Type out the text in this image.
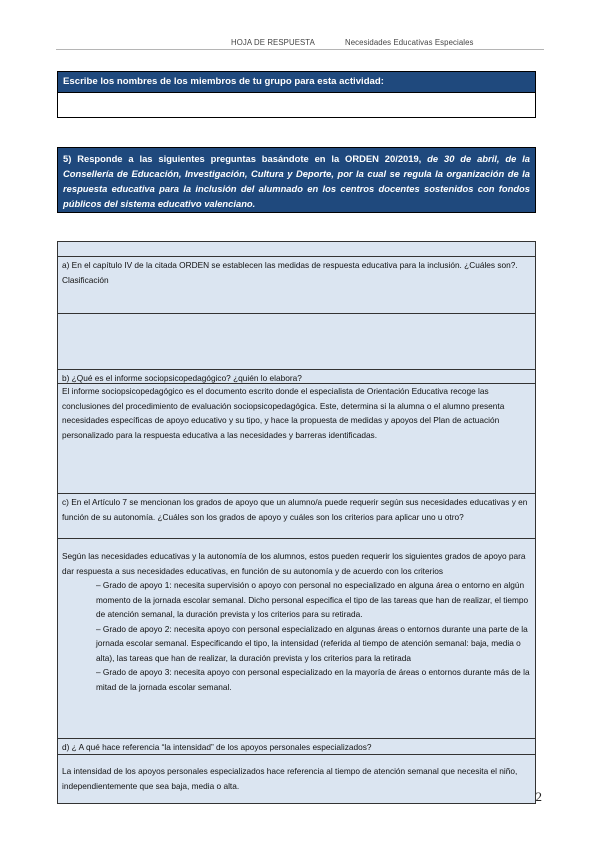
HOJA DE RESPUESTA	Necesidades Educativas Especiales
Escribe los nombres de los miembros de tu grupo para esta actividad:
5) Responde a las siguientes preguntas basándote en la ORDEN 20/2019, de 30 de abril, de la Consellería de Educación, Investigación, Cultura y Deporte, por la cual se regula la organización de la respuesta educativa para la inclusión del alumnado en los centros docentes sostenidos con fondos públicos del sistema educativo valenciano.
a) En el capítulo IV de la citada ORDEN se establecen las medidas de respuesta educativa para la inclusión. ¿Cuáles son?. Clasificación
b) ¿Qué es el informe sociopsicopedagógico? ¿quién lo elabora?
El informe sociopsicopedagógico es el documento escrito donde el especialista de Orientación Educativa recoge las conclusiones del procedimiento de evaluación sociopsicopedagógica. Este, determina si la alumna o el alumno presenta necesidades específicas de apoyo educativo y su tipo, y hace la propuesta de medidas y apoyos del Plan de actuación personalizado para la respuesta educativa a las necesidades y barreras identificadas.
c) En el Artículo 7 se mencionan los grados de apoyo que un alumno/a puede requerir según sus necesidades educativas y en función de su autonomía. ¿Cuáles son los grados de apoyo y cuáles son los criterios para aplicar uno u otro?
Según las necesidades educativas y la autonomía de los alumnos, estos pueden requerir los siguientes grados de apoyo para dar respuesta a sus necesidades educativas, en función de su autonomía y de acuerdo con los criterios
– Grado de apoyo 1: necesita supervisión o apoyo con personal no especializado en alguna área o entorno en algún momento de la jornada escolar semanal. Dicho personal especifica el tipo de las tareas que han de realizar, el tiempo de atención semanal, la duración prevista y los criterios para su retirada.
– Grado de apoyo 2: necesita apoyo con personal especializado en algunas áreas o entornos durante una parte de la jornada escolar semanal. Especificando el tipo, la intensidad (referida al tiempo de atención semanal: baja, media o alta), las tareas que han de realizar, la duración prevista y los criterios para la retirada
– Grado de apoyo 3: necesita apoyo con personal especializado en la mayoría de áreas o entornos durante más de la mitad de la jornada escolar semanal.
d) ¿ A qué hace referencia “la intensidad” de los apoyos personales especializados?
La intensidad de los apoyos personales especializados hace referencia al tiempo de atención semanal que necesita el niño, independientemente que sea baja, media o alta.
2
